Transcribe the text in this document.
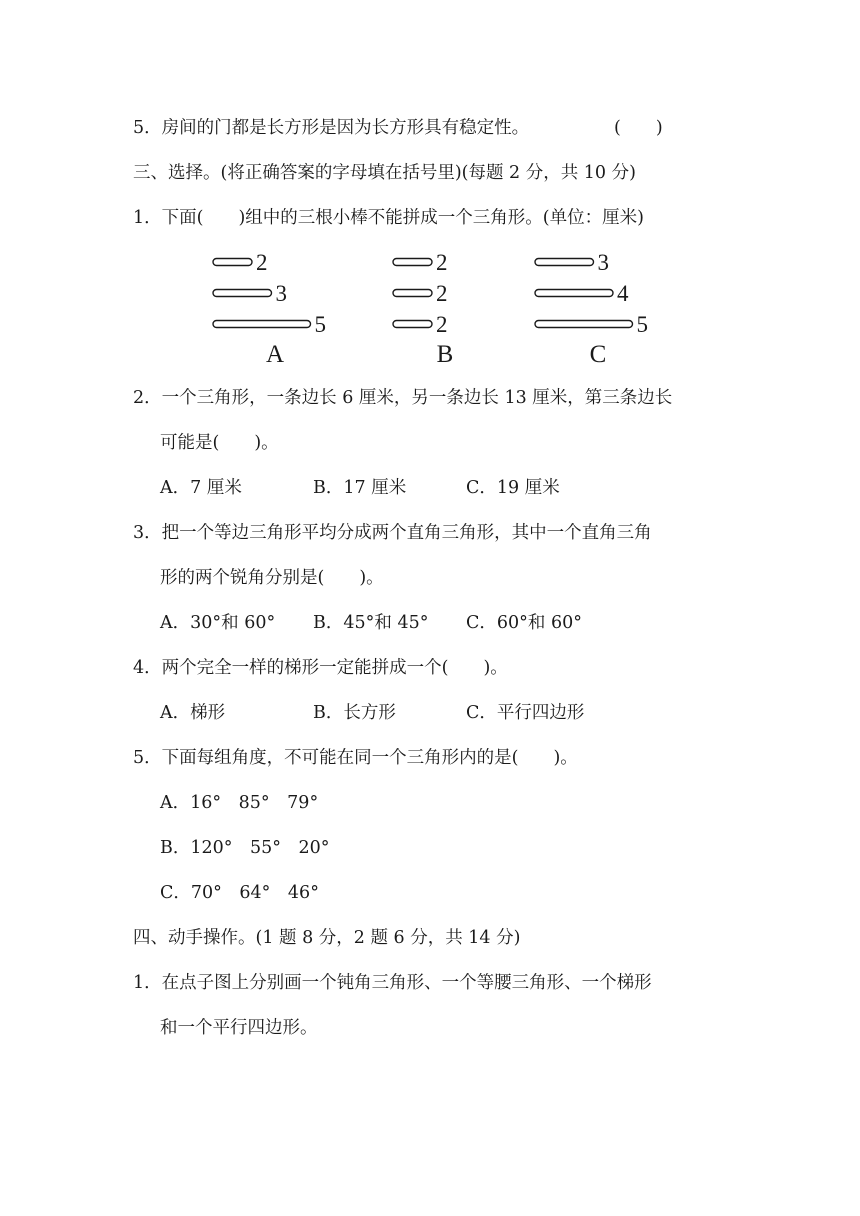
5．房间的门都是长方形是因为长方形具有稳定性。	(　　)
三、选择。(将正确答案的字母填在括号里)(每题 2 分，共 10 分)
1．下面(　　)组中的三根小棒不能拼成一个三角形。(单位：厘米)
2
3
5
A
2
2
2
B
3
4
5
C
2．一个三角形，一条边长 6 厘米，另一条边长 13 厘米，第三条边长
可能是(　　)。
A．7 厘米	B．17 厘米	C．19 厘米
3．把一个等边三角形平均分成两个直角三角形，其中一个直角三角
形的两个锐角分别是(　　)。
A．30°和 60° B．45°和 45° C．60°和 60°
4．两个完全一样的梯形一定能拼成一个(　　)。
A．梯形	B．长方形	C．平行四边形
5．下面每组角度，不可能在同一个三角形内的是(　　)。
A．16°　85°　79°
B．120°　55°　20°
C．70°　64°　46°
四、动手操作。(1 题 8 分，2 题 6 分，共 14 分)
1．在点子图上分别画一个钝角三角形、一个等腰三角形、一个梯形
和一个平行四边形。
